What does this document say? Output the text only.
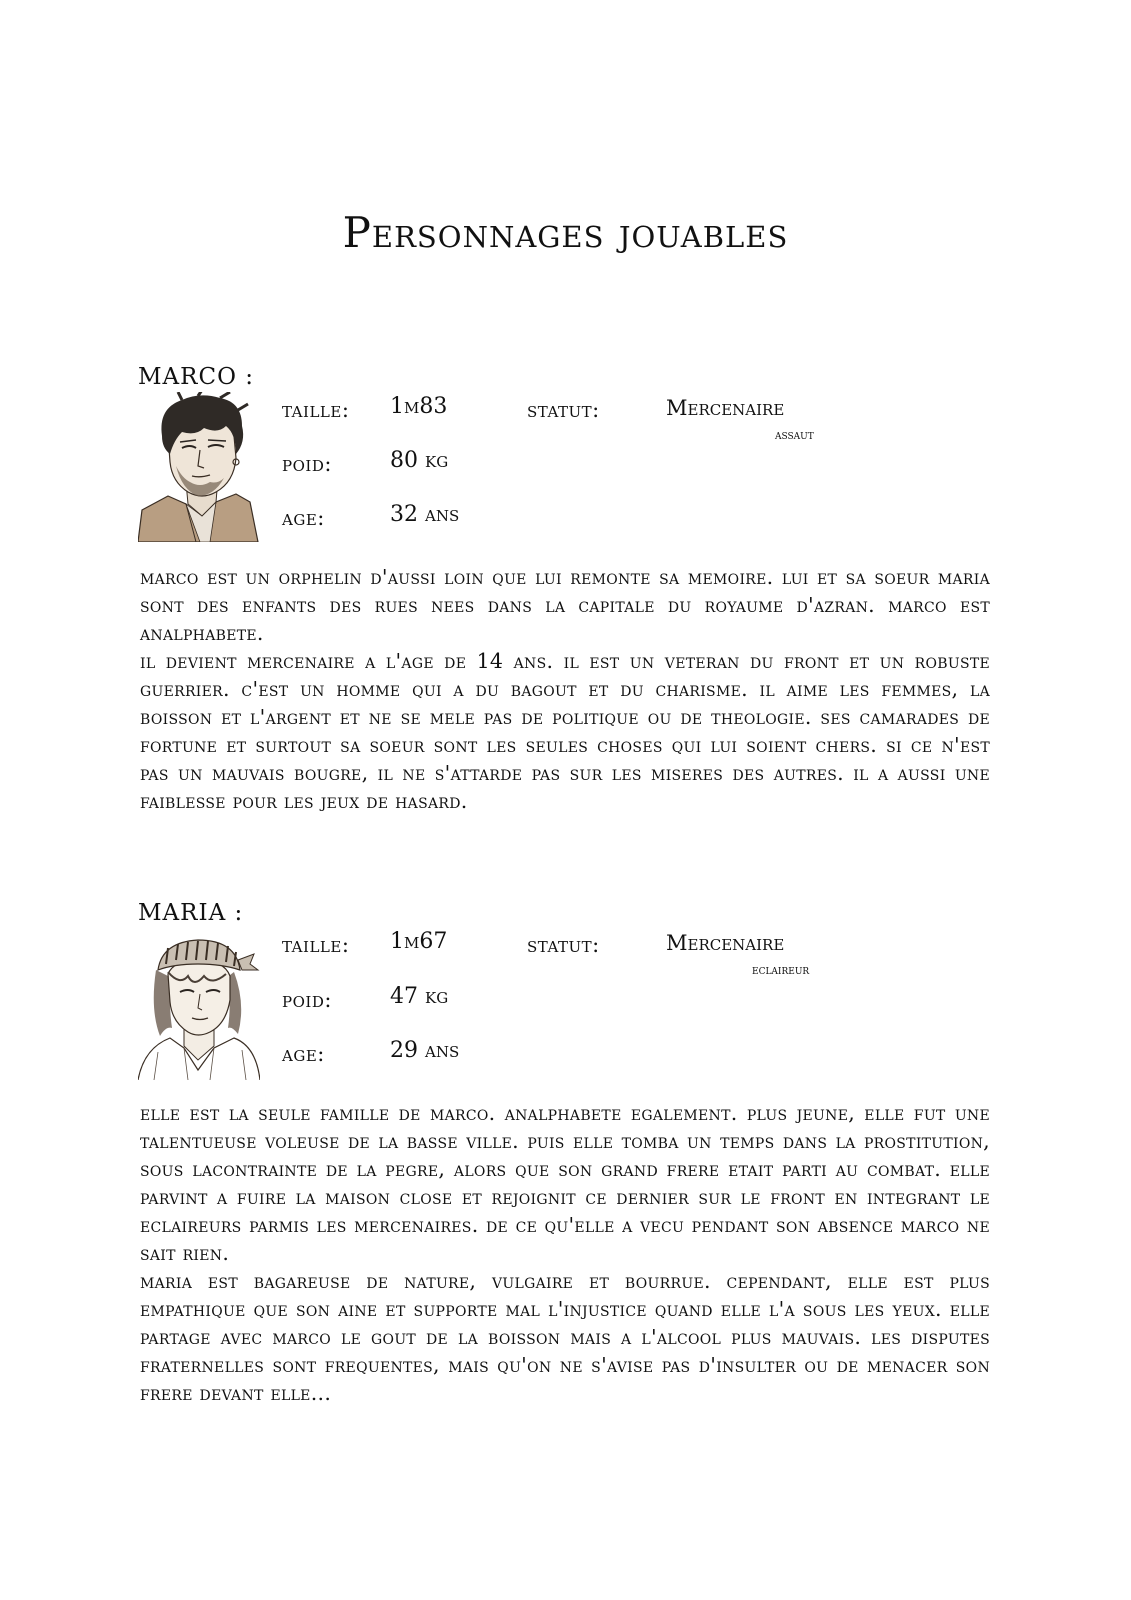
Personnages jouables
MARCO :
taille: 1m83	statut:	Mercenaire
assaut
poid:	80 kg
age:	32 ans

marco est un orphelin d'aussi loin que lui remonte sa memoire. lui et sa soeur maria sont des enfants des rues nees dans la capitale du royaume d'azran. marco est analphabete.

il devient mercenaire a l'age de 14 ans. il est un veteran du front et un robuste guerrier. c'est un homme qui a du bagout et du charisme. il aime les femmes, la boisson et l'argent et ne se mele pas de politique ou de theologie. ses camarades de fortune et surtout sa soeur sont les seules choses qui lui soient chers. si ce n'est pas un mauvais bougre, il ne s'attarde pas sur les miseres des autres. il a aussi une faiblesse pour les jeux de hasard.

MARIA :
taille: 1m67	statut:	Mercenaire
eclaireur
poid:	47 kg
age:	29 ans

elle est la seule famille de marco. analphabete egalement. plus jeune, elle fut une talentueuse voleuse de la basse ville. puis elle tomba un temps dans la prostitution, sous lacontrainte de la pegre, alors que son grand frere etait parti au combat. elle parvint a fuire la maison close et rejoignit ce dernier sur le front en integrant le eclaireurs parmis les mercenaires. de ce qu'elle a vecu pendant son absence marco ne sait rien.

maria est bagareuse de nature, vulgaire et bourrue. cependant, elle est plus empathique que son aine et supporte mal l'injustice quand elle l'a sous les yeux. elle partage avec marco le gout de la boisson mais a l'alcool plus mauvais. les disputes fraternelles sont frequentes, mais qu'on ne s'avise pas d'insulter ou de menacer son frere devant elle...
